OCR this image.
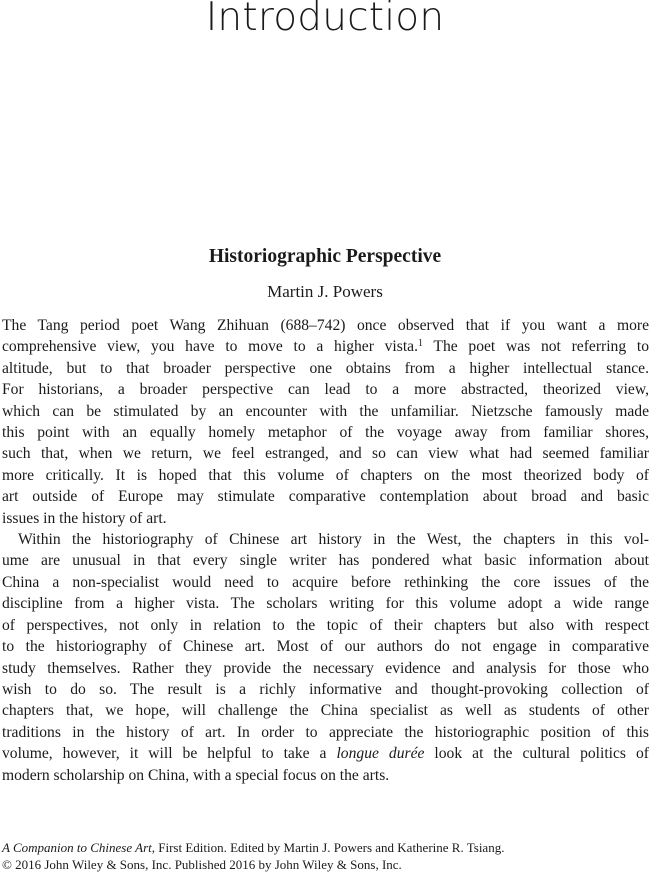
Introduction
Historiographic Perspective
Martin J. Powers
The Tang period poet Wang Zhihuan (688–742) once observed that if you want a more
comprehensive view, you have to move to a higher vista.$^1$ The poet was not referring to
altitude, but to that broader perspective one obtains from a higher intellectual stance.
For historians, a broader perspective can lead to a more abstracted, theorized view,
which can be stimulated by an encounter with the unfamiliar. Nietzsche famously made
this point with an equally homely metaphor of the voyage away from familiar shores,
such that, when we return, we feel estranged, and so can view what had seemed familiar
more critically. It is hoped that this volume of chapters on the most theorized body of
art outside of Europe may stimulate comparative contemplation about broad and basic
issues in the history of art.
Within the historiography of Chinese art history in the West, the chapters in this vol-
ume are unusual in that every single writer has pondered what basic information about
China a non-specialist would need to acquire before rethinking the core issues of the
discipline from a higher vista. The scholars writing for this volume adopt a wide range
of perspectives, not only in relation to the topic of their chapters but also with respect
to the historiography of Chinese art. Most of our authors do not engage in comparative
study themselves. Rather they provide the necessary evidence and analysis for those who
wish to do so. The result is a richly informative and thought-provoking collection of
chapters that, we hope, will challenge the China specialist as well as students of other
traditions in the history of art. In order to appreciate the historiographic position of this
volume, however, it will be helpful to take a longue durée look at the cultural politics of
modern scholarship on China, with a special focus on the arts.
A Companion to Chinese Art, First Edition. Edited by Martin J. Powers and Katherine R. Tsiang.
© 2016 John Wiley & Sons, Inc. Published 2016 by John Wiley & Sons, Inc.
